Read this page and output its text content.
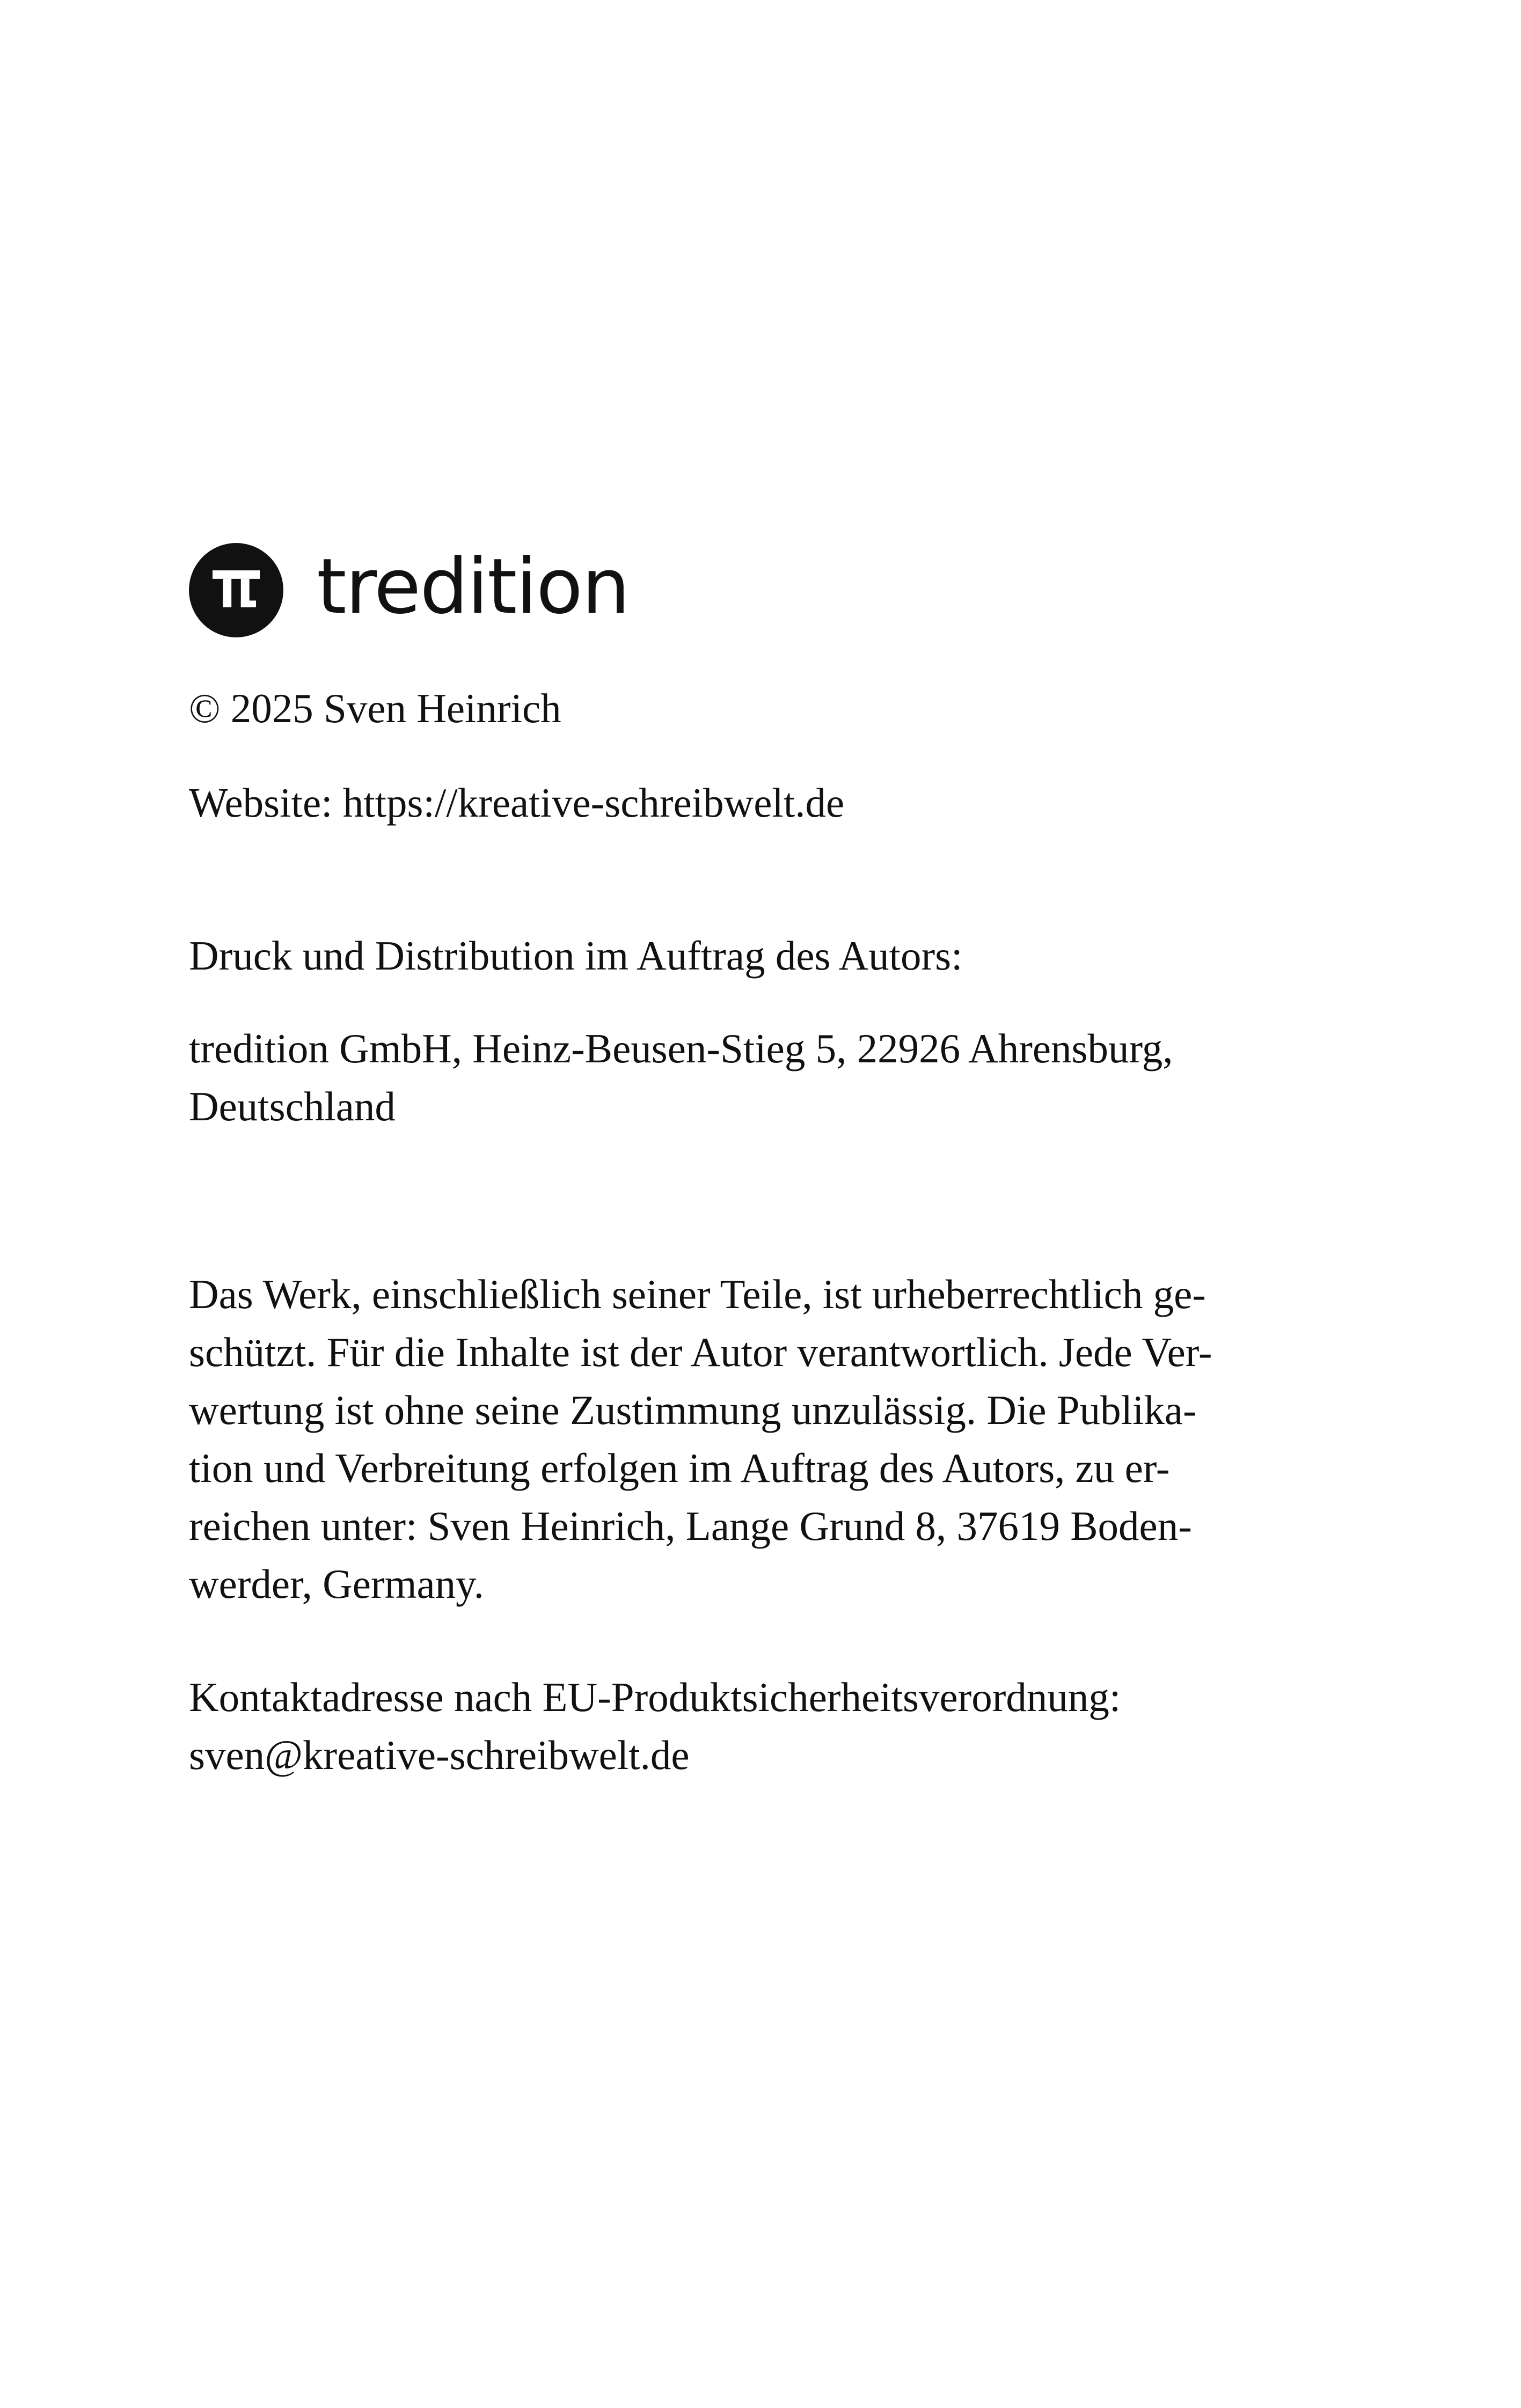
tredition

© 2025 Sven Heinrich

Website: https://kreative-schreibwelt.de

Druck und Distribution im Auftrag des Autors:

tredition GmbH, Heinz-Beusen-Stieg 5, 22926 Ahrensburg,
Deutschland

Das Werk, einschließlich seiner Teile, ist urheberrechtlich ge-
schützt. Für die Inhalte ist der Autor verantwortlich. Jede Ver-
wertung ist ohne seine Zustimmung unzulässig. Die Publika-
tion und Verbreitung erfolgen im Auftrag des Autors, zu er-
reichen unter: Sven Heinrich, Lange Grund 8, 37619 Boden-
werder, Germany.

Kontaktadresse nach EU-Produktsicherheitsverordnung:
sven@kreative-schreibwelt.de
